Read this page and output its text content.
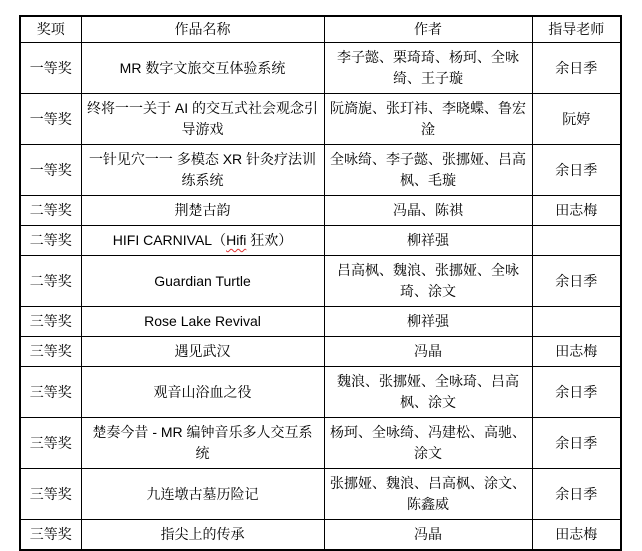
奖项	作品名称	作者	指导老师
一等奖	MR 数字文旅交互体验系统	李子懿、栗琦琦、杨珂、全咏绮、王子璇	余日季
一等奖	终将一一关于 AI 的交互式社会观念引导游戏	阮旖旎、张玎祎、李晓蝶、鲁宏淦	阮婷
一等奖	一针见穴一一 多模态 XR 针灸疗法训练系统	全咏绮、李子懿、张挪娅、吕高枫、毛璇	余日季
二等奖	荆楚古韵	冯晶、陈祺	田志梅
二等奖	HIFI CARNIVAL（Hifi 狂欢）	柳祥强	
二等奖	Guardian Turtle	吕高枫、魏浪、张挪娅、全咏琦、涂文	余日季
三等奖	Rose Lake Revival	柳祥强	
三等奖	遇见武汉	冯晶	田志梅
三等奖	观音山浴血之役	魏浪、张挪娅、全咏琦、吕高枫、涂文	余日季
三等奖	楚奏今昔 - MR 编钟音乐多人交互系统	杨珂、全咏绮、冯建松、高驰、涂文	余日季
三等奖	九连墩古墓历险记	张挪娅、魏浪、吕高枫、涂文、陈鑫威	余日季
三等奖	指尖上的传承	冯晶	田志梅
